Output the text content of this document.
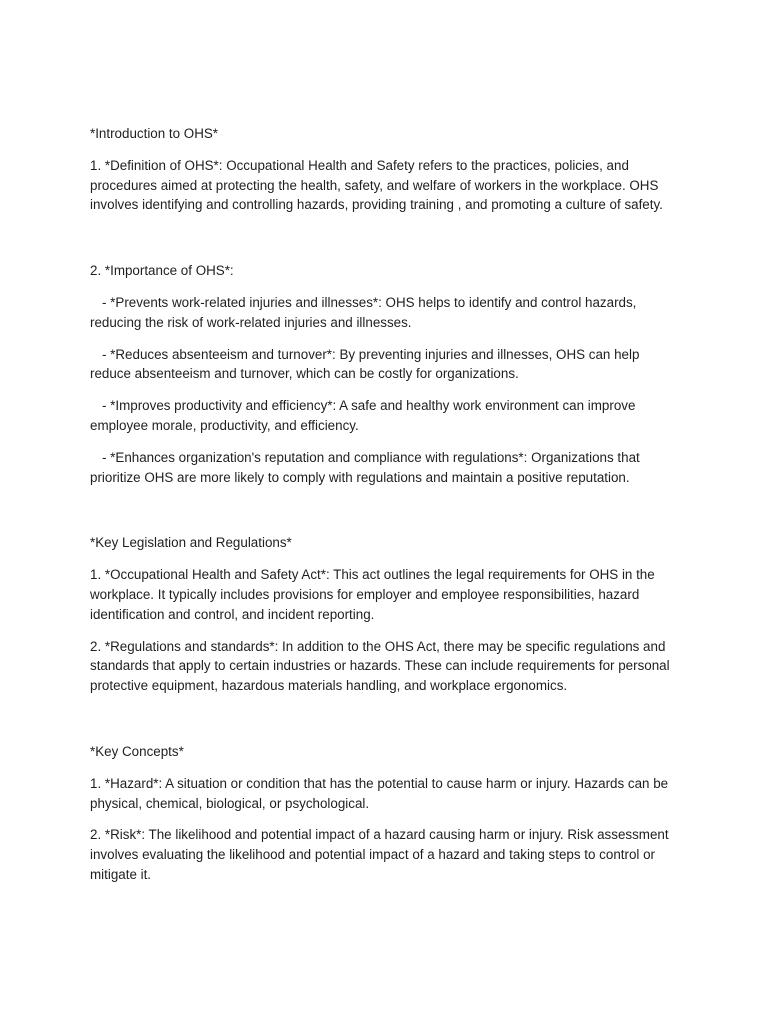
*Introduction to OHS*

1. *Definition of OHS*: Occupational Health and Safety refers to the practices, policies, and procedures aimed at protecting the health, safety, and welfare of workers in the workplace. OHS involves identifying and controlling hazards, providing training , and promoting a culture of safety.

2. *Importance of OHS*:

- *Prevents work-related injuries and illnesses*: OHS helps to identify and control hazards, reducing the risk of work-related injuries and illnesses.

- *Reduces absenteeism and turnover*: By preventing injuries and illnesses, OHS can help reduce absenteeism and turnover, which can be costly for organizations.

- *Improves productivity and efficiency*: A safe and healthy work environment can improve employee morale, productivity, and efficiency.

- *Enhances organization's reputation and compliance with regulations*: Organizations that prioritize OHS are more likely to comply with regulations and maintain a positive reputation.

*Key Legislation and Regulations*

1. *Occupational Health and Safety Act*: This act outlines the legal requirements for OHS in the workplace. It typically includes provisions for employer and employee responsibilities, hazard identification and control, and incident reporting.

2. *Regulations and standards*: In addition to the OHS Act, there may be specific regulations and standards that apply to certain industries or hazards. These can include requirements for personal protective equipment, hazardous materials handling, and workplace ergonomics.

*Key Concepts*

1. *Hazard*: A situation or condition that has the potential to cause harm or injury. Hazards can be physical, chemical, biological, or psychological.

2. *Risk*: The likelihood and potential impact of a hazard causing harm or injury. Risk assessment involves evaluating the likelihood and potential impact of a hazard and taking steps to control or mitigate it.
